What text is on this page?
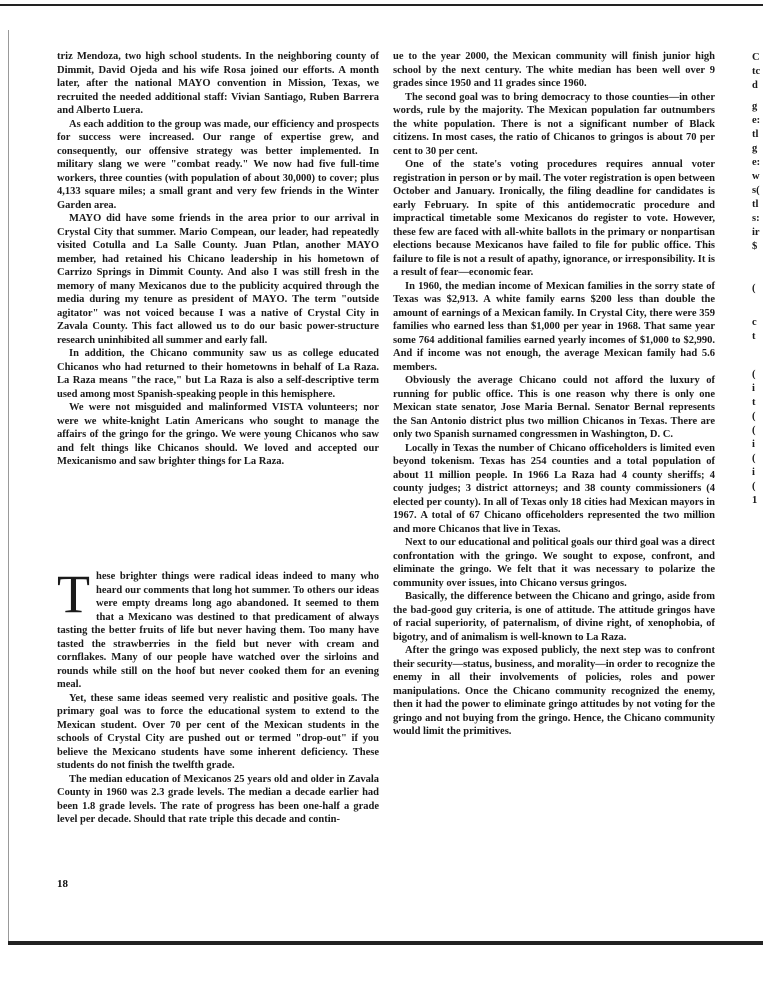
triz Mendoza, two high school students. In the neighboring county of Dimmit, David Ojeda and his wife Rosa joined our efforts. A month later, after the national MAYO convention in Mission, Texas, we recruited the needed additional staff: Vivian Santiago, Ruben Barrera and Alberto Luera.

As each addition to the group was made, our efficiency and prospects for success were increased. Our range of expertise grew, and consequently, our offensive strategy was better implemented. In military slang we were "combat ready." We now had five full-time workers, three counties (with population of about 30,000) to cover; plus 4,133 square miles; a small grant and very few friends in the Winter Garden area.

MAYO did have some friends in the area prior to our arrival in Crystal City that summer. Mario Compean, our leader, had repeatedly visited Cotulla and La Salle County. Juan Ptlan, another MAYO member, had retained his Chicano leadership in his hometown of Carrizo Springs in Dimmit County. And also I was still fresh in the memory of many Mexicanos due to the publicity acquired through the media during my tenure as president of MAYO. The term "outside agitator" was not voiced because I was a native of Crystal City in Zavala County. This fact allowed us to do our basic power-structure research uninhibited all summer and early fall.

In addition, the Chicano community saw us as college educated Chicanos who had returned to their hometowns in behalf of La Raza. La Raza means "the race," but La Raza is also a self-descriptive term used among most Spanish-speaking people in this hemisphere.

We were not misguided and malinformed VISTA volunteers; nor were we white-knight Latin Americans who sought to manage the affairs of the gringo for the gringo. We were young Chicanos who saw and felt things like Chicanos should. We loved and accepted our Mexicanismo and saw brighter things for La Raza.

These brighter things were radical ideas indeed to many who heard our comments that long hot summer. To others our ideas were empty dreams long ago abandoned. It seemed to them that a Mexicano was destined to that predicament of always tasting the better fruits of life but never having them. Too many have tasted the strawberries in the field but never with cream and cornflakes. Many of our people have watched over the sirloins and rounds while still on the hoof but never cooked them for an evening meal.

Yet, these same ideas seemed very realistic and positive goals. The primary goal was to force the educational system to extend to the Mexican student. Over 70 per cent of the Mexican students in the schools of Crystal City are pushed out or termed "drop-out" if you believe the Mexicano students have some inherent deficiency. These students do not finish the twelfth grade.

The median education of Mexicanos 25 years old and older in Zavala County in 1960 was 2.3 grade levels. The median a decade earlier had been 1.8 grade levels. The rate of progress has been one-half a grade level per decade. Should that rate triple this decade and contin-

ue to the year 2000, the Mexican community will finish junior high school by the next century. The white median has been well over 9 grades since 1950 and 11 grades since 1960.

The second goal was to bring democracy to those counties—in other words, rule by the majority. The Mexican population far outnumbers the white population. There is not a significant number of Black citizens. In most cases, the ratio of Chicanos to gringos is about 70 per cent to 30 per cent.

One of the state's voting procedures requires annual voter registration in person or by mail. The voter registration is open between October and January. Ironically, the filing deadline for candidates is early February. In spite of this antidemocratic procedure and impractical timetable some Mexicanos do register to vote. However, these few are faced with all-white ballots in the primary or nonpartisan elections because Mexicanos have failed to file for public office. This failure to file is not a result of apathy, ignorance, or irresponsibility. It is a result of fear—economic fear.

In 1960, the median income of Mexican families in the sorry state of Texas was $2,913. A white family earns $200 less than double the amount of earnings of a Mexican family. In Crystal City, there were 359 families who earned less than $1,000 per year in 1968. That same year some 764 additional families earned yearly incomes of $1,000 to $2,990. And if income was not enough, the average Mexican family had 5.6 members.

Obviously the average Chicano could not afford the luxury of running for public office. This is one reason why there is only one Mexican state senator, Jose Maria Bernal. Senator Bernal represents the San Antonio district plus two million Chicanos in Texas. There are only two Spanish surnamed congressmen in Washington, D. C.

Locally in Texas the number of Chicano officeholders is limited even beyond tokenism. Texas has 254 counties and a total population of about 11 million people. In 1966 La Raza had 4 county sheriffs; 4 county judges; 3 district attorneys; and 38 county commissioners (4 elected per county). In all of Texas only 18 cities had Mexican mayors in 1967. A total of 67 Chicano officeholders represented the two million and more Chicanos that live in Texas.

Next to our educational and political goals our third goal was a direct confrontation with the gringo. We sought to expose, confront, and eliminate the gringo. We felt that it was necessary to polarize the community over issues, into Chicano versus gringos.

Basically, the difference between the Chicano and gringo, aside from the bad-good guy criteria, is one of attitude. The attitude gringos have of racial superiority, of paternalism, of divine right, of xenophobia, of bigotry, and of animalism is well-known to La Raza.

After the gringo was exposed publicly, the next step was to confront their security—status, business, and morality—in order to recognize the enemy in all their involvements of policies, roles and power manipulations. Once the Chicano community recognized the enemy, then it had the power to eliminate gringo attitudes by not voting for the gringo and not buying from the gringo. Hence, the Chicano community would limit the primitives.

18
C
tc
d
g
e:
tl
g
e:
w
s(
tl
s:
ir
$
(
c
t
(
i
t
(
(
i
(
i
(
1
